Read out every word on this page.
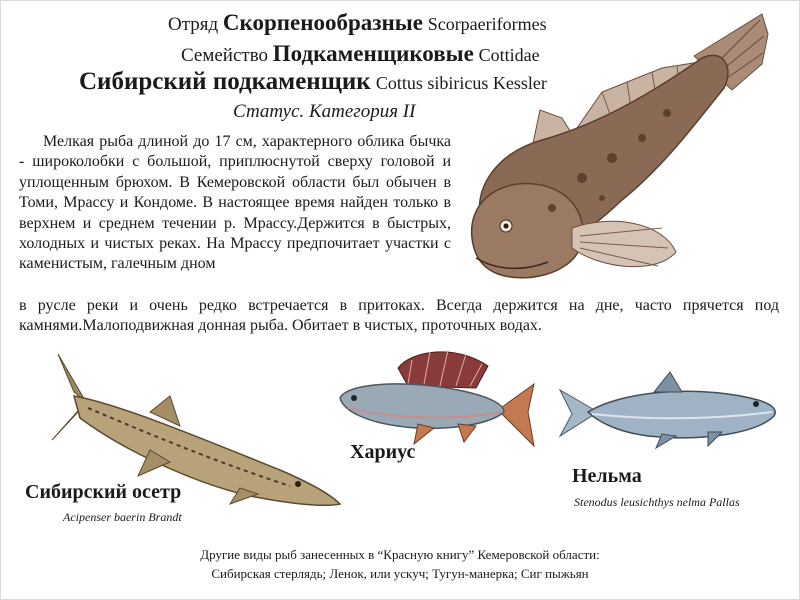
Отряд Скорпенообразные Scorpaeriformes
Семейство Подкаменщиковые Cottidae
Сибирский подкаменщик Cottus sibiricus Kessler
Статус. Категория II
Мелкая рыба длиной до 17 см, характерного облика бычка - широколобки с большой, приплюснутой сверху головой и уплощенным брюхом. В Кемеровской области был обычен в Томи, Мрассу и Кондоме. В настоящее время найден только в верхнем и среднем течении р. Мрассу.Держится в быстрых, холодных и чистых реках. На Мрассу предпочитает участки с каменистым, галечным дном
в русле реки и очень редко встречается в притоках. Всегда держится на дне, часто прячется под камнями.Малоподвижная донная рыба. Обитает в чистых, проточных водах.
Сибирский осетр
Acipenser baerin Brandt
Хариус
Нельма
Stenodus leusichthys nelma Pallas
Другие виды рыб занесенных в “Красную книгу” Кемеровской области:
Сибирская стерлядь; Ленок, или ускуч; Тугун-манерка; Сиг пыжьян
